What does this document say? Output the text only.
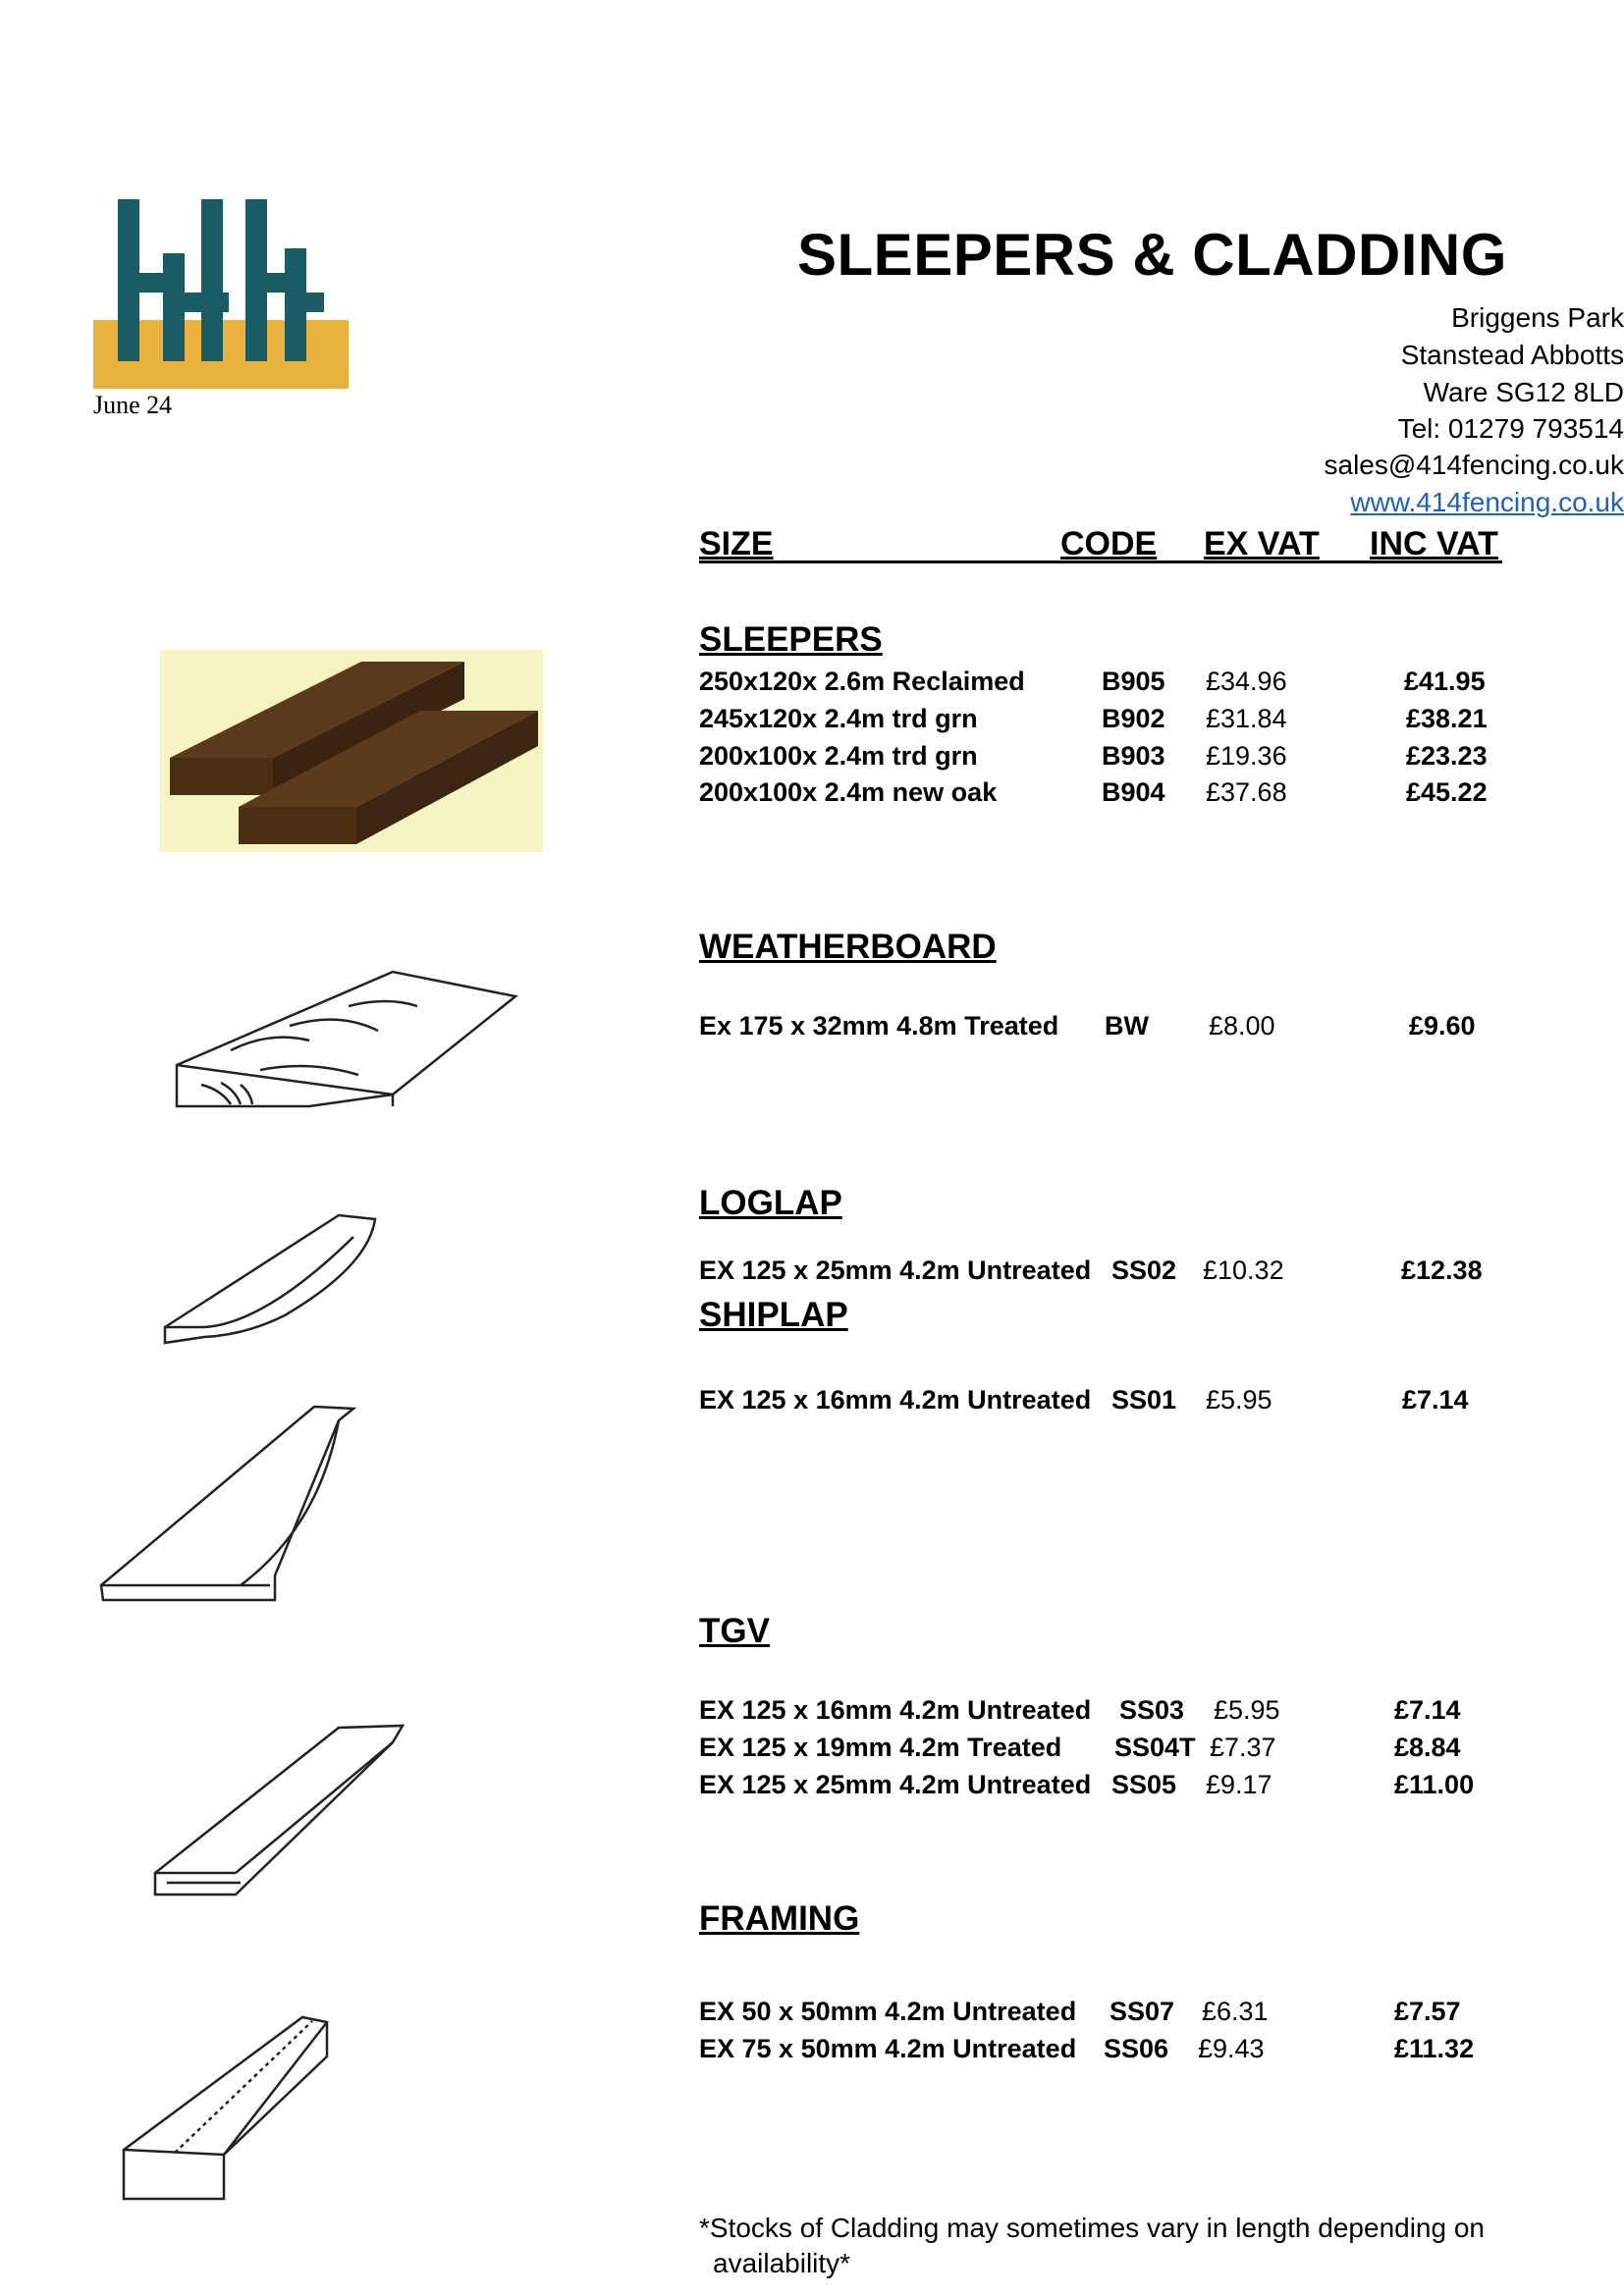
June 24
SLEEPERS & CLADDING
Briggens Park
Stanstead Abbotts
Ware SG12 8LD
Tel: 01279 793514
sales@414fencing.co.uk
www.414fencing.co.uk
SIZE	CODE EX VAT INC VAT
SLEEPERS
250x120x 2.6m Reclaimed	B905 £34.96	£41.95
245x120x 2.4m trd grn	B902 £31.84	£38.21
200x100x 2.4m trd grn	B903 £19.36	£23.23
200x100x 2.4m new oak	B904 £37.68	£45.22
WEATHERBOARD
Ex 175 x 32mm 4.8m Treated BW £8.00	£9.60
LOGLAP
EX 125 x 25mm 4.2m Untreated SS02 £10.32	£12.38
SHIPLAP
EX 125 x 16mm 4.2m Untreated SS01 £5.95	£7.14
TGV
EX 125 x 16mm 4.2m Untreated SS03 £5.95	£7.14
EX 125 x 19mm 4.2m Treated SS04T £7.37	£8.84
EX 125 x 25mm 4.2m Untreated SS05 £9.17	£11.00
FRAMING
EX 50 x 50mm 4.2m Untreated SS07 £6.31	£7.57
EX 75 x 50mm 4.2m Untreated SS06 £9.43	£11.32
*Stocks of Cladding may sometimes vary in length depending on
availability*
